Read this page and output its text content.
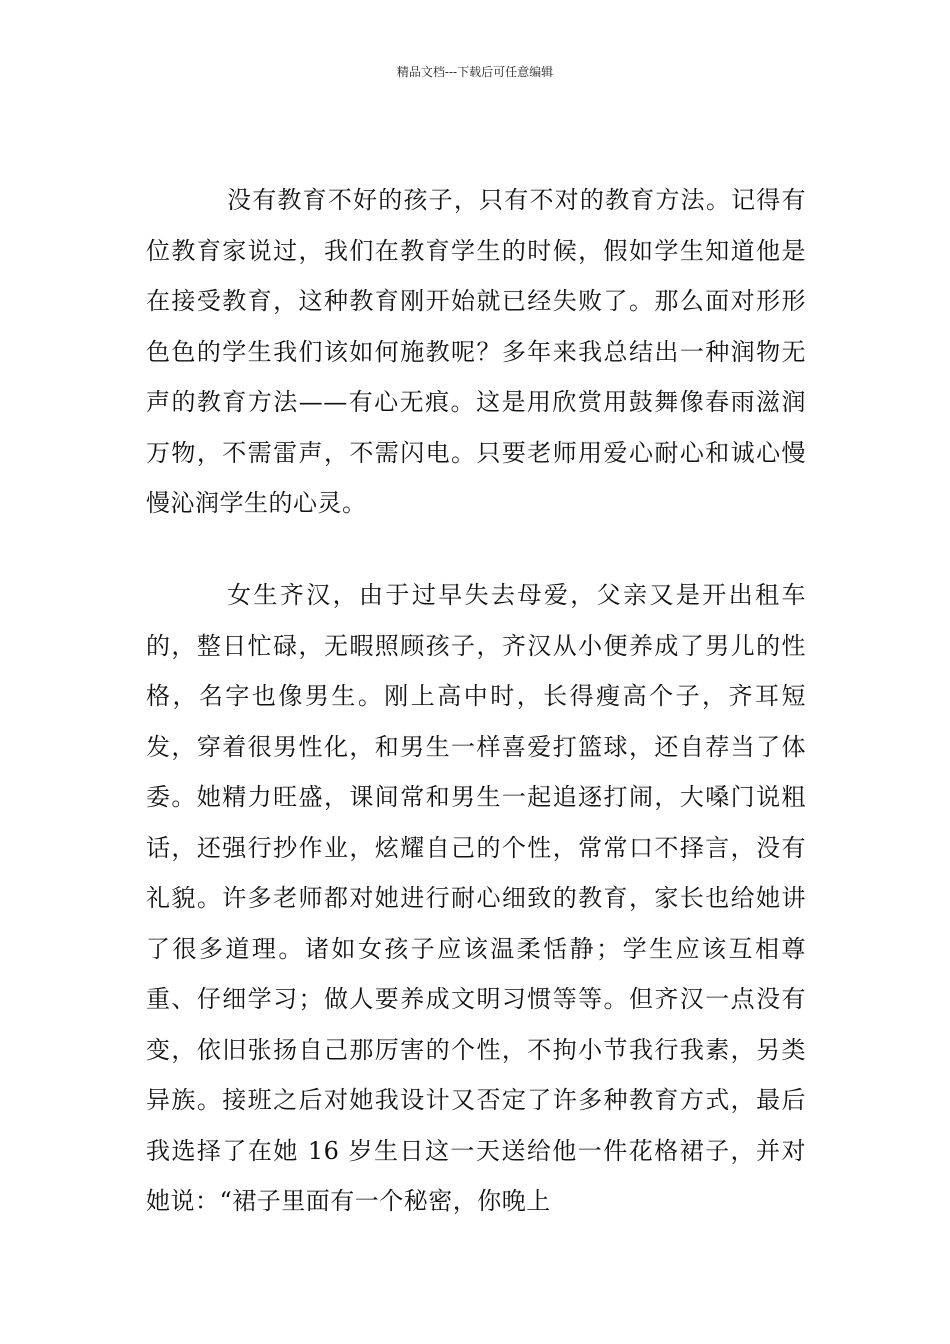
精品文档---下载后可任意编辑

没有教育不好的孩子，只有不对的教育方法。记得有位教育家说过，我们在教育学生的时候，假如学生知道他是在接受教育，这种教育刚开始就已经失败了。那么面对形形色色的学生我们该如何施教呢？多年来我总结出一种润物无声的教育方法——有心无痕。这是用欣赏用鼓舞像春雨滋润万物，不需雷声，不需闪电。只要老师用爱心耐心和诚心慢慢沁润学生的心灵。

女生齐汉，由于过早失去母爱，父亲又是开出租车的，整日忙碌，无暇照顾孩子，齐汉从小便养成了男儿的性格，名字也像男生。刚上高中时，长得瘦高个子，齐耳短发，穿着很男性化，和男生一样喜爱打篮球，还自荐当了体委。她精力旺盛，课间常和男生一起追逐打闹，大嗓门说粗话，还强行抄作业，炫耀自己的个性，常常口不择言，没有礼貌。许多老师都对她进行耐心细致的教育，家长也给她讲了很多道理。诸如女孩子应该温柔恬静；学生应该互相尊重、仔细学习；做人要养成文明习惯等等。但齐汉一点没有变，依旧张扬自己那厉害的个性，不拘小节我行我素，另类异族。接班之后对她我设计又否定了许多种教育方式，最后我选择了在她 16 岁生日这一天送给他一件花格裙子，并对她说：“裙子里面有一个秘密，你晚上
